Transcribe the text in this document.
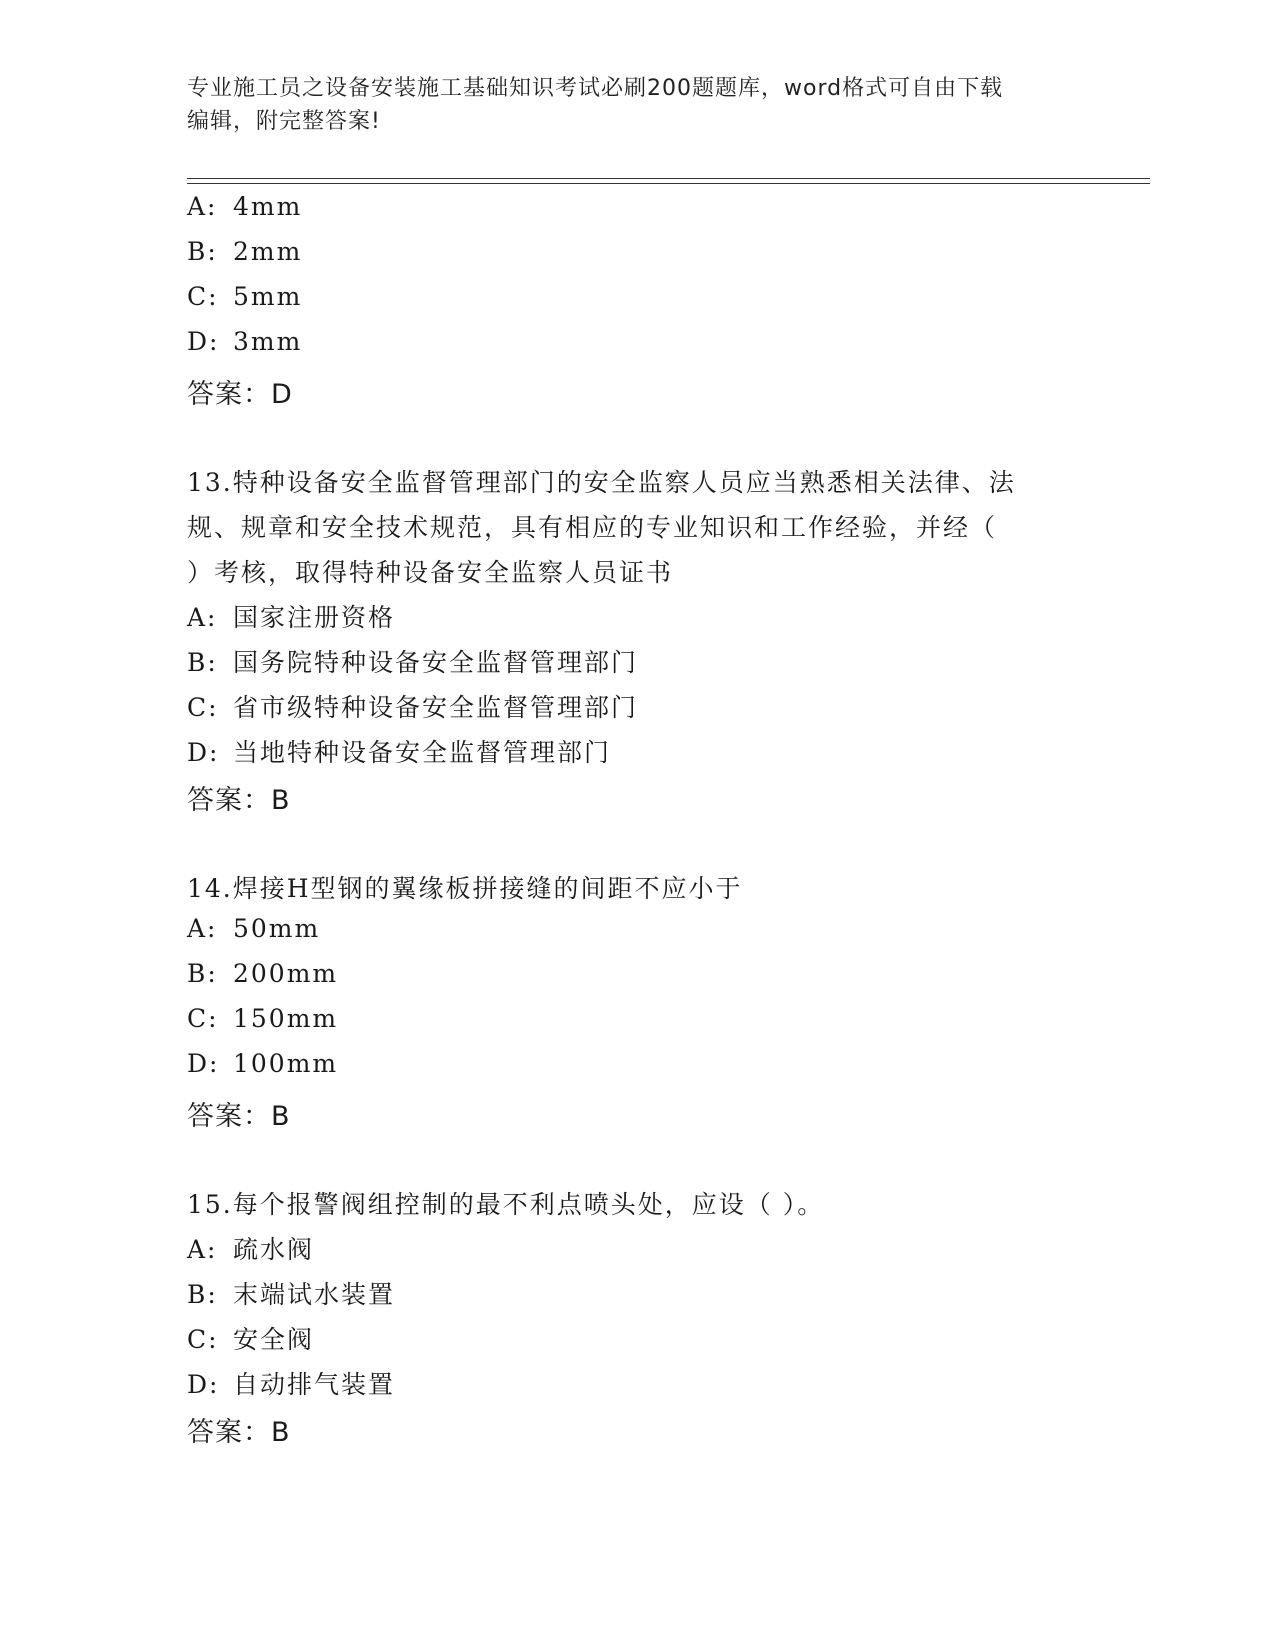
专业施工员之设备安装施工基础知识考试必刷200题题库，word格式可自由下载
编辑，附完整答案!
A: 4mm
B: 2mm
C: 5mm
D: 3mm
答案：D
13.特种设备安全监督管理部门的安全监察人员应当熟悉相关法律、法
规、规章和安全技术规范，具有相应的专业知识和工作经验，并经（
）考核，取得特种设备安全监察人员证书
A: 国家注册资格
B: 国务院特种设备安全监督管理部门
C: 省市级特种设备安全监督管理部门
D: 当地特种设备安全监督管理部门
答案：B
14.焊接H型钢的翼缘板拼接缝的间距不应小于
A: 50mm
B: 200mm
C: 150mm
D: 100mm
答案：B
15.每个报警阀组控制的最不利点喷头处，应设（ ）。
A: 疏水阀
B: 末端试水装置
C: 安全阀
D: 自动排气装置
答案：B
